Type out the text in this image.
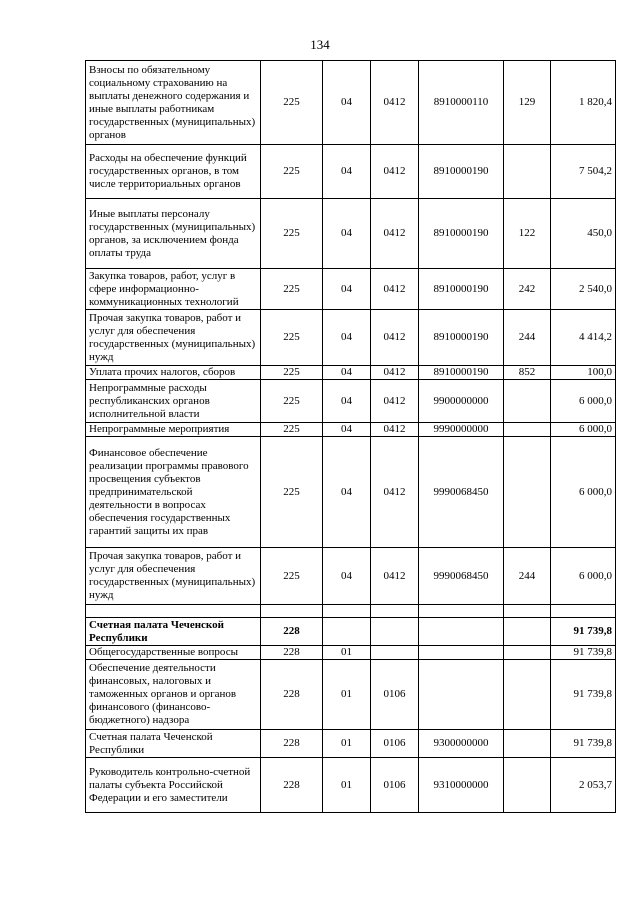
134
Взносы по обязательному социальному страхованию на выплаты денежного содержания и иные выплаты работникам государственных (муниципальных) органов	225	04	0412	8910000110	129	1 820,4
Расходы на обеспечение функций государственных органов, в том числе территориальных органов	225	04	0412	8910000190		7 504,2
Иные выплаты персоналу государственных (муниципальных) органов, за исключением фонда оплаты труда	225	04	0412	8910000190	122	450,0
Закупка товаров, работ, услуг в сфере информационно-коммуникационных технологий	225	04	0412	8910000190	242	2 540,0
Прочая закупка товаров, работ и услуг для обеспечения государственных (муниципальных) нужд	225	04	0412	8910000190	244	4 414,2
Уплата прочих налогов, сборов	225	04	0412	8910000190	852	100,0
Непрограммные расходы республиканских органов исполнительной власти	225	04	0412	9900000000		6 000,0
Непрограммные мероприятия	225	04	0412	9990000000		6 000,0
Финансовое обеспечение реализации программы правового просвещения субъектов предпринимательской деятельности в вопросах обеспечения государственных гарантий защиты их прав	225	04	0412	9990068450		6 000,0
Прочая закупка товаров, работ и услуг для обеспечения государственных (муниципальных) нужд	225	04	0412	9990068450	244	6 000,0

Счетная палата Чеченской Республики	228					91 739,8
Общегосударственные вопросы	228	01				91 739,8
Обеспечение деятельности финансовых, налоговых и таможенных органов и органов финансового (финансово-бюджетного) надзора	228	01	0106			91 739,8
Счетная палата Чеченской Республики	228	01	0106	9300000000		91 739,8
Руководитель контрольно-счетной палаты субъекта Российской Федерации и его заместители	228	01	0106	9310000000		2 053,7
